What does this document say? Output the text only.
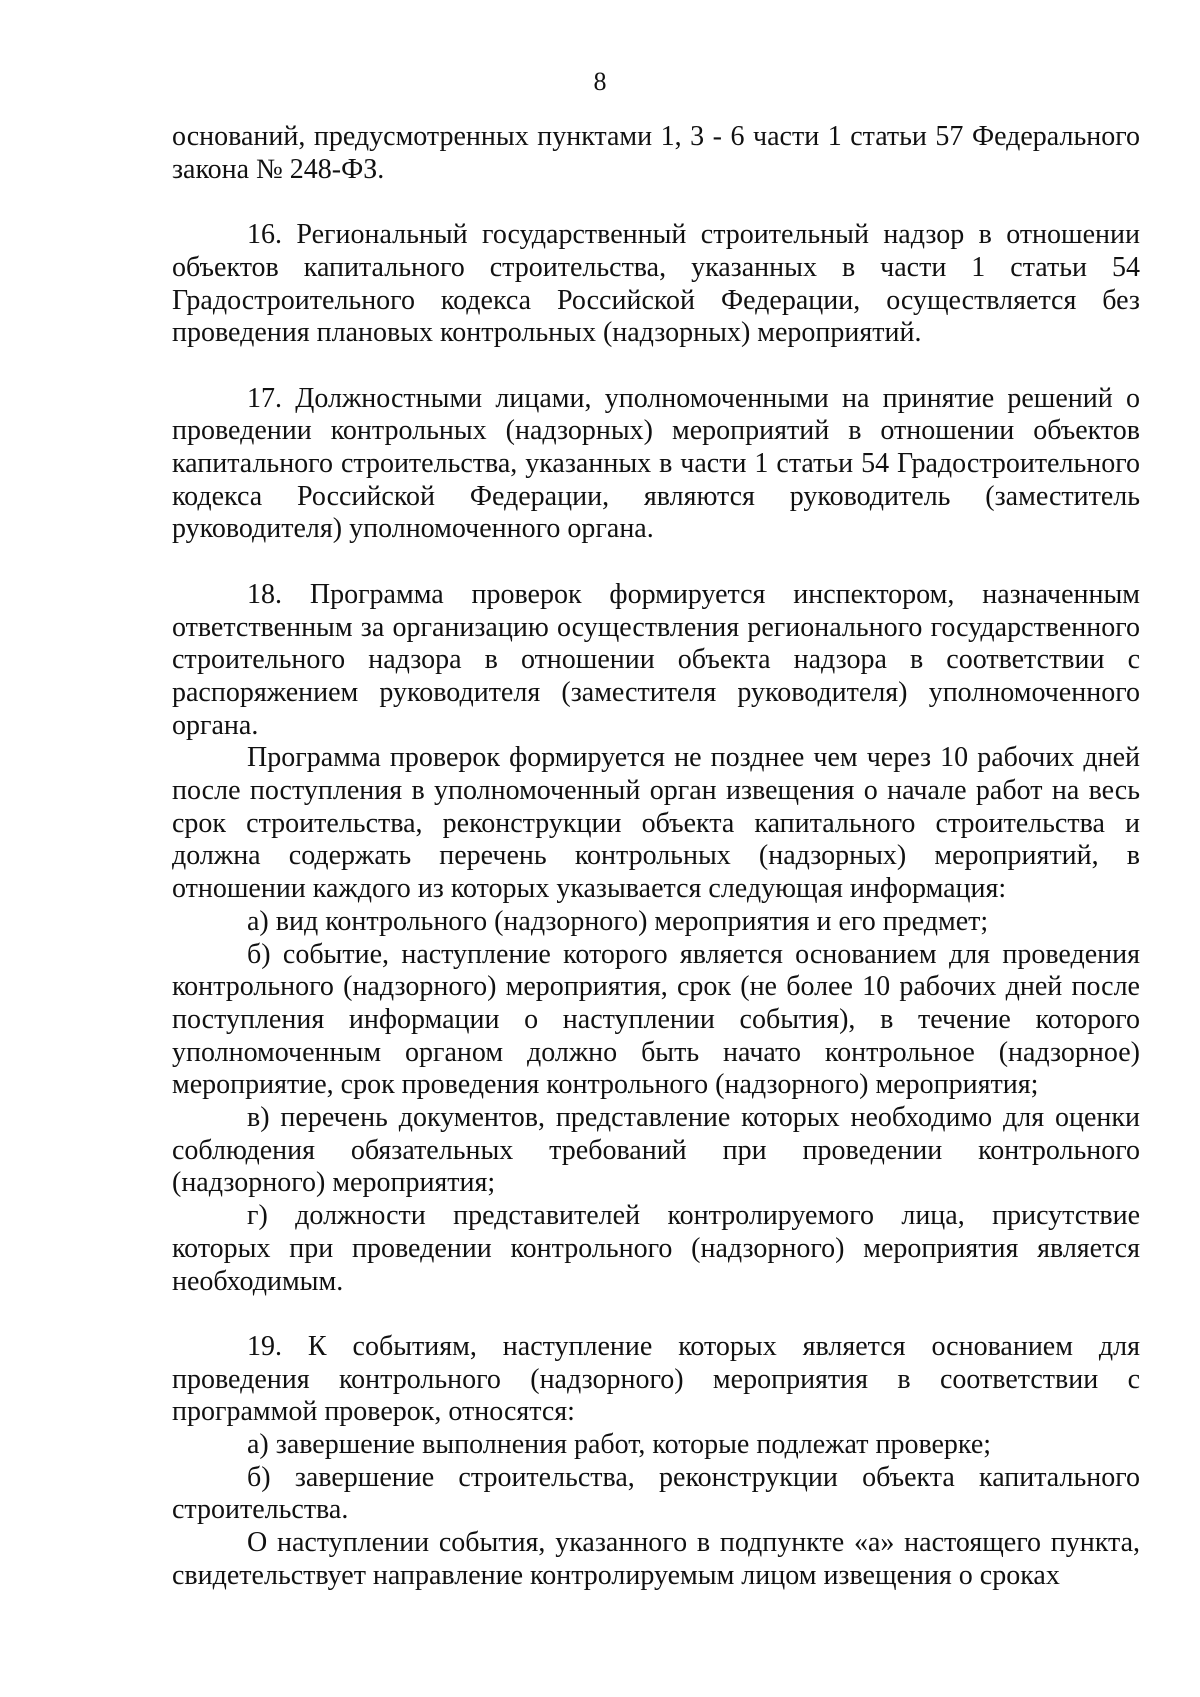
8

оснований, предусмотренных пунктами 1, 3 - 6 части 1 статьи 57 Федерального закона № 248-ФЗ.

16. Региональный государственный строительный надзор в отношении объектов капитального строительства, указанных в части 1 статьи 54 Градостроительного кодекса Российской Федерации, осуществляется без проведения плановых контрольных (надзорных) мероприятий.

17. Должностными лицами, уполномоченными на принятие решений о проведении контрольных (надзорных) мероприятий в отношении объектов капитального строительства, указанных в части 1 статьи 54 Градостроительного кодекса Российской Федерации, являются руководитель (заместитель руководителя) уполномоченного органа.

18. Программа проверок формируется инспектором, назначенным ответственным за организацию осуществления регионального государственного строительного надзора в отношении объекта надзора в соответствии с распоряжением руководителя (заместителя руководителя) уполномоченного органа.

Программа проверок формируется не позднее чем через 10 рабочих дней после поступления в уполномоченный орган извещения о начале работ на весь срок строительства, реконструкции объекта капитального строительства и должна содержать перечень контрольных (надзорных) мероприятий, в отношении каждого из которых указывается следующая информация:

а) вид контрольного (надзорного) мероприятия и его предмет;

б) событие, наступление которого является основанием для проведения контрольного (надзорного) мероприятия, срок (не более 10 рабочих дней после поступления информации о наступлении события), в течение которого уполномоченным органом должно быть начато контрольное (надзорное) мероприятие, срок проведения контрольного (надзорного) мероприятия;

в) перечень документов, представление которых необходимо для оценки соблюдения обязательных требований при проведении контрольного (надзорного) мероприятия;

г) должности представителей контролируемого лица, присутствие которых при проведении контрольного (надзорного) мероприятия является необходимым.

19. К событиям, наступление которых является основанием для проведения контрольного (надзорного) мероприятия в соответствии с программой проверок, относятся:

а) завершение выполнения работ, которые подлежат проверке;

б) завершение строительства, реконструкции объекта капитального строительства.

О наступлении события, указанного в подпункте «а» настоящего пункта, свидетельствует направление контролируемым лицом извещения о сроках
